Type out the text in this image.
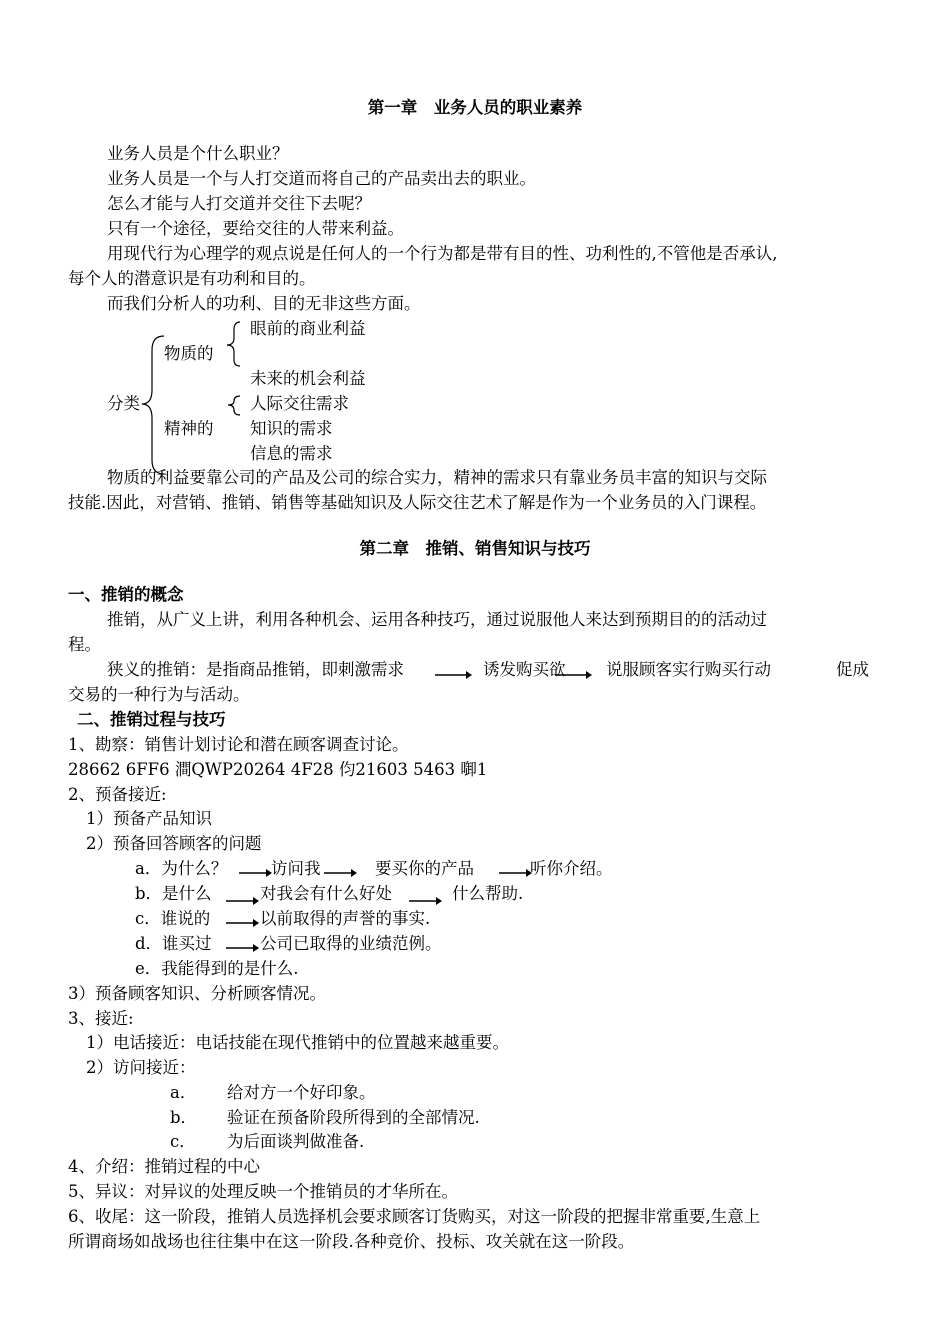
第一章　业务人员的职业素养
业务人员是个什么职业？
业务人员是一个与人打交道而将自己的产品卖出去的职业。
怎么才能与人打交道并交往下去呢？
只有一个途径，要给交往的人带来利益。
用现代行为心理学的观点说是任何人的一个行为都是带有目的性、功利性的,不管他是否承认,
每个人的潜意识是有功利和目的。
而我们分析人的功利、目的无非这些方面。
分类
物质的
精神的
眼前的商业利益
未来的机会利益
人际交往需求
知识的需求
信息的需求
物质的利益要靠公司的产品及公司的综合实力，精神的需求只有靠业务员丰富的知识与交际
技能.因此，对营销、推销、销售等基础知识及人际交往艺术了解是作为一个业务员的入门课程。
第二章　推销、销售知识与技巧
一、推销的概念
推销，从广义上讲，利用各种机会、运用各种技巧，通过说服他人来达到预期目的的活动过
程。
狭义的推销：是指商品推销，即刺激需求	诱发购买欲 说服顾客实行购买行动	促成
交易的一种行为与活动。
二、推销过程与技巧
1、勘察：销售计划讨论和潜在顾客调查讨论。
28662 6FF6 澗QWP20264 4F28 伨21603 5463 啣1
2、预备接近:
1）预备产品知识
2）预备回答顾客的问题
a．为什么？	访问我	要买你的产品	听你介绍。
b．是什么	对我会有什么好处	什么帮助.
c．谁说的	以前取得的声誉的事实.
d．谁买过	公司已取得的业绩范例。
e．我能得到的是什么.
3）预备顾客知识、分析顾客情况。
3、接近:
1）电话接近：电话技能在现代推销中的位置越来越重要。
2）访问接近：
a． 给对方一个好印象。
b． 验证在预备阶段所得到的全部情况.
c． 为后面谈判做准备.
4、介绍：推销过程的中心
5、异议：对异议的处理反映一个推销员的才华所在。
6、收尾：这一阶段，推销人员选择机会要求顾客订货购买，对这一阶段的把握非常重要,生意上
所谓商场如战场也往往集中在这一阶段.各种竞价、投标、攻关就在这一阶段。
